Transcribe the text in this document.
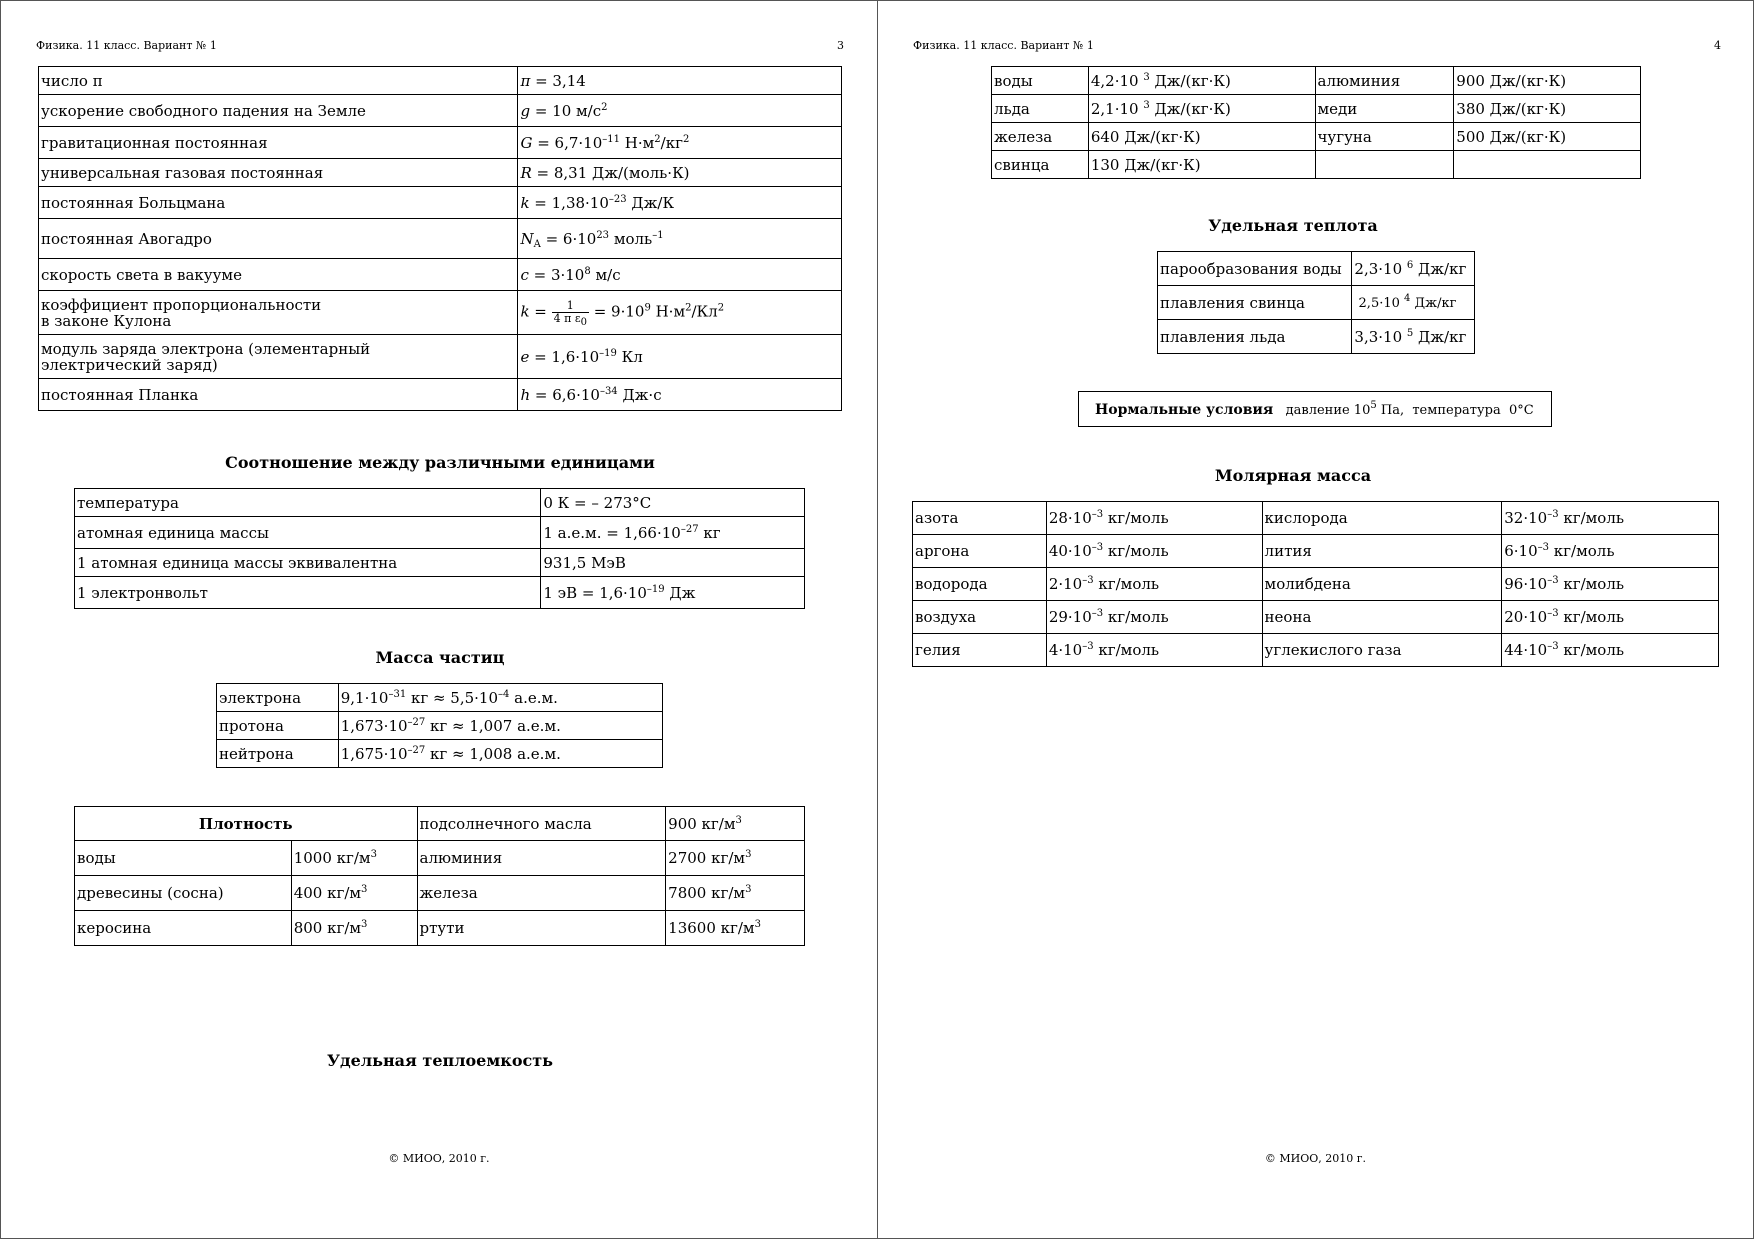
Физика. 11 класс. Вариант № 1	3
число π	π = 3,14
ускорение свободного падения на Земле	g = 10 $м/с^2$
гравитационная постоянная	$G = 6,7\cdot 10^{-11}$ $Н\cdot м^2/кг^2$
универсальная газовая постоянная	R = 8,31 Дж/(моль·К)
постоянная Больцмана	$k = 1,38\cdot 10^{-23}$ Дж/К
постоянная Авогадро	$N_A = 6\cdot 10^{23}$ моль$^{-1}$
скорость света в вакууме	$c = 3\cdot 10^8$ м/с
коэффициент пропорциональности
в законе Кулона	$k = \frac{1}{4 \pi \varepsilon_0} = 9\cdot 10^9$ $Н\cdot м^2/Кл^2$
модуль заряда электрона (элементарный
электрический заряд)	$e = 1,6\cdot 10^{-19}$ Кл
постоянная Планка	$h = 6,6\cdot 10^{-34}$ Дж·с
Соотношение между различными единицами
температура	0 К = – 273°С
атомная единица массы	1 а.е.м. = $1,66\cdot 10^{-27}$ кг
1 атомная единица массы эквивалентна	931,5 МэВ
1 электронвольт	1 эВ = $1,6\cdot 10^{-19}$ Дж
Масса частиц
электрона	$9,1\cdot 10^{-31}$ кг ≈ $5,5\cdot 10^{-4}$ а.е.м.
протона	$1,673\cdot 10^{-27}$ кг ≈ 1,007 а.е.м.
нейтрона	$1,675\cdot 10^{-27}$ кг ≈ 1,008 а.е.м.
Плотность		подсолнечного масла	900 $кг/м^3$
воды	1000 $кг/м^3$	алюминия	2700 $кг/м^3$
древесины (сосна)	400 $кг/м^3$	железа	7800 $кг/м^3$
керосина	800 $кг/м^3$	ртути	13600 $кг/м^3$
Удельная теплоемкость
© МИОО, 2010 г.
Физика. 11 класс. Вариант № 1	4
воды	4,2·10 $^3$ Дж/(кг·К)	алюминия	900 Дж/(кг·К)
льда	2,1·10 $^3$ Дж/(кг·К)	меди	380 Дж/(кг·К)
железа	640 Дж/(кг·К)	чугуна	500 Дж/(кг·К)
свинца	130 Дж/(кг·К)		
Удельная теплота
парообразования воды	2,3·10 $^6$ Дж/кг
плавления свинца	2,5·10 $^4$ Дж/кг
плавления льда	3,3·10 $^5$ Дж/кг
Нормальные условия давление $10^5$ Па,  температура  0°С
Молярная масса
азота	$28\cdot 10^{-3}$ кг/моль	кислорода	$32\cdot 10^{-3}$ кг/моль
аргона	$40\cdot 10^{-3}$ кг/моль	лития	$6\cdot 10^{-3}$ кг/моль
водорода	$2\cdot 10^{-3}$ кг/моль	молибдена	$96\cdot 10^{-3}$ кг/моль
воздуха	$29\cdot 10^{-3}$ кг/моль	неона	$20\cdot 10^{-3}$ кг/моль
гелия	$4\cdot 10^{-3}$ кг/моль	углекислого газа	$44\cdot 10^{-3}$ кг/моль
© МИОО, 2010 г.
